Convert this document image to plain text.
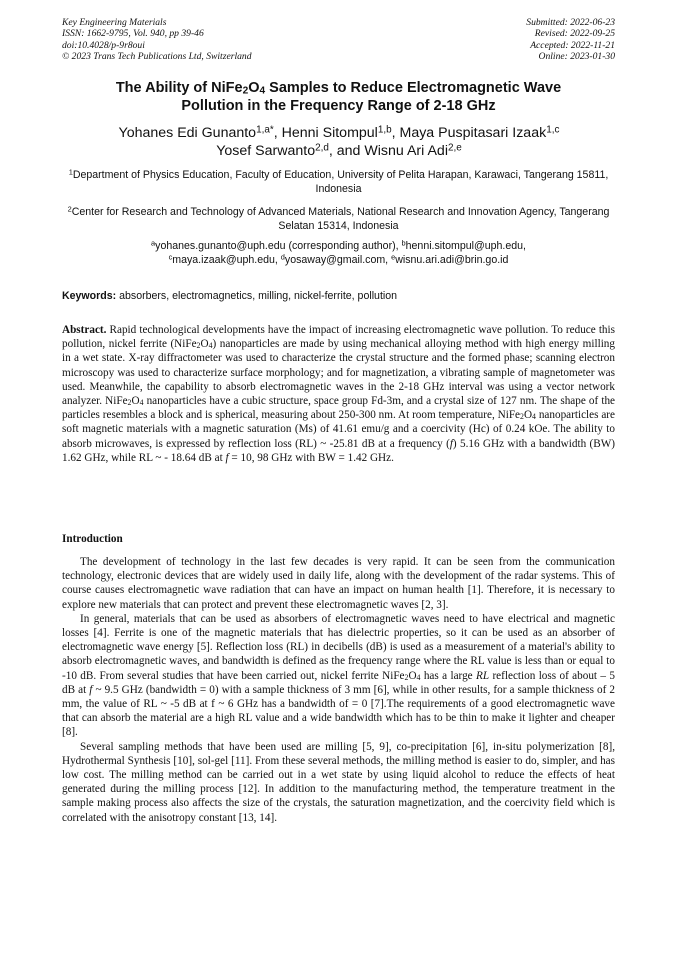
Key Engineering Materials
ISSN: 1662-9795, Vol. 940, pp 39-46
doi:10.4028/p-9r8oui
© 2023 Trans Tech Publications Ltd, Switzerland
Submitted: 2022-06-23
Revised: 2022-09-25
Accepted: 2022-11-21
Online: 2023-01-30
The Ability of $NiFe_2O_4$ Samples to Reduce Electromagnetic Wave
Pollution in the Frequency Range of 2-18 GHz
Yohanes Edi Gunanto$^{1,a*}$, Henni Sitompul$^{1,b}$, Maya Puspitasari Izaak$^{1,c}$
Yosef Sarwanto$^{2,d}$, and Wisnu Ari Adi$^{2,e}$
$^1$Department of Physics Education, Faculty of Education, University of Pelita Harapan, Karawaci, Tangerang 15811, Indonesia
$^2$Center for Research and Technology of Advanced Materials, National Research and Innovation Agency, Tangerang Selatan 15314, Indonesia
$^a$yohanes.gunanto@uph.edu (corresponding author), $^b$henni.sitompul@uph.edu,
$^c$maya.izaak@uph.edu, $^d$yosaway@gmail.com, $^e$wisnu.ari.adi@brin.go.id
Keywords: absorbers, electromagnetics, milling, nickel-ferrite, pollution
Abstract. Rapid technological developments have the impact of increasing electromagnetic wave pollution. To reduce this pollution, nickel ferrite $(NiFe_2O_4)$ nanoparticles are made by using mechanical alloying method with high energy milling in a wet state. X-ray diffractometer was used to characterize the crystal structure and the formed phase; scanning electron microscopy was used to characterize surface morphology; and for magnetization, a vibrating sample of magnetometer was used. Meanwhile, the capability to absorb electromagnetic waves in the 2-18 GHz interval was using a vector network analyzer. $NiFe_2O_4$ nanoparticles have a cubic structure, space group Fd-3m, and a crystal size of 127 nm. The shape of the particles resembles a block and is spherical, measuring about 250-300 nm. At room temperature, $NiFe_2O_4$ nanoparticles are soft magnetic materials with a magnetic saturation (Ms) of 41.61 emu/g and a coercivity (Hc) of 0.24 kOe. The ability to absorb microwaves, is expressed by reflection loss (RL) ~ -25.81 dB at a frequency (f) 5.16 GHz with a bandwidth (BW) 1.62 GHz, while RL ~ - 18.64 dB at f = 10, 98 GHz with BW = 1.42 GHz.
Introduction

The development of technology in the last few decades is very rapid. It can be seen from the communication technology, electronic devices that are widely used in daily life, along with the development of the radar systems. This of course causes electromagnetic wave radiation that can have an impact on human health [1]. Therefore, it is necessary to explore new materials that can protect and prevent these electromagnetic waves [2, 3].

In general, materials that can be used as absorbers of electromagnetic waves need to have electrical and magnetic losses [4]. Ferrite is one of the magnetic materials that has dielectric properties, so it can be used as an absorber of electromagnetic wave energy [5]. Reflection loss (RL) in decibells (dB) is used as a measurement of a material's ability to absorb electromagnetic waves, and bandwidth is defined as the frequency range where the RL value is less than or equal to -10 dB. From several studies that have been carried out, nickel ferrite $NiFe_2O_4$ has a large RL reflection loss of about – 5 dB at f ~ 9.5 GHz (bandwidth = 0) with a sample thickness of 3 mm [6], while in other results, for a sample thickness of 2 mm, the value of RL ~ -5 dB at f ~ 6 GHz has a bandwidth of = 0 [7].The requirements of a good electromagnetic wave that can absorb the material are a high RL value and a wide bandwidth which has to be thin to make it lighter and cheaper [8].

Several sampling methods that have been used are milling [5, 9], co-precipitation [6], in-situ polymerization [8], Hydrothermal Synthesis [10], sol-gel [11]. From these several methods, the milling method is easier to do, simpler, and has low cost. The milling method can be carried out in a wet state by using liquid alcohol to reduce the effects of heat generated during the milling process [12]. In addition to the manufacturing method, the temperature treatment in the sample making process also affects the size of the crystals, the saturation magnetization, and the coercivity field which is correlated with the anisotropy constant [13, 14].
